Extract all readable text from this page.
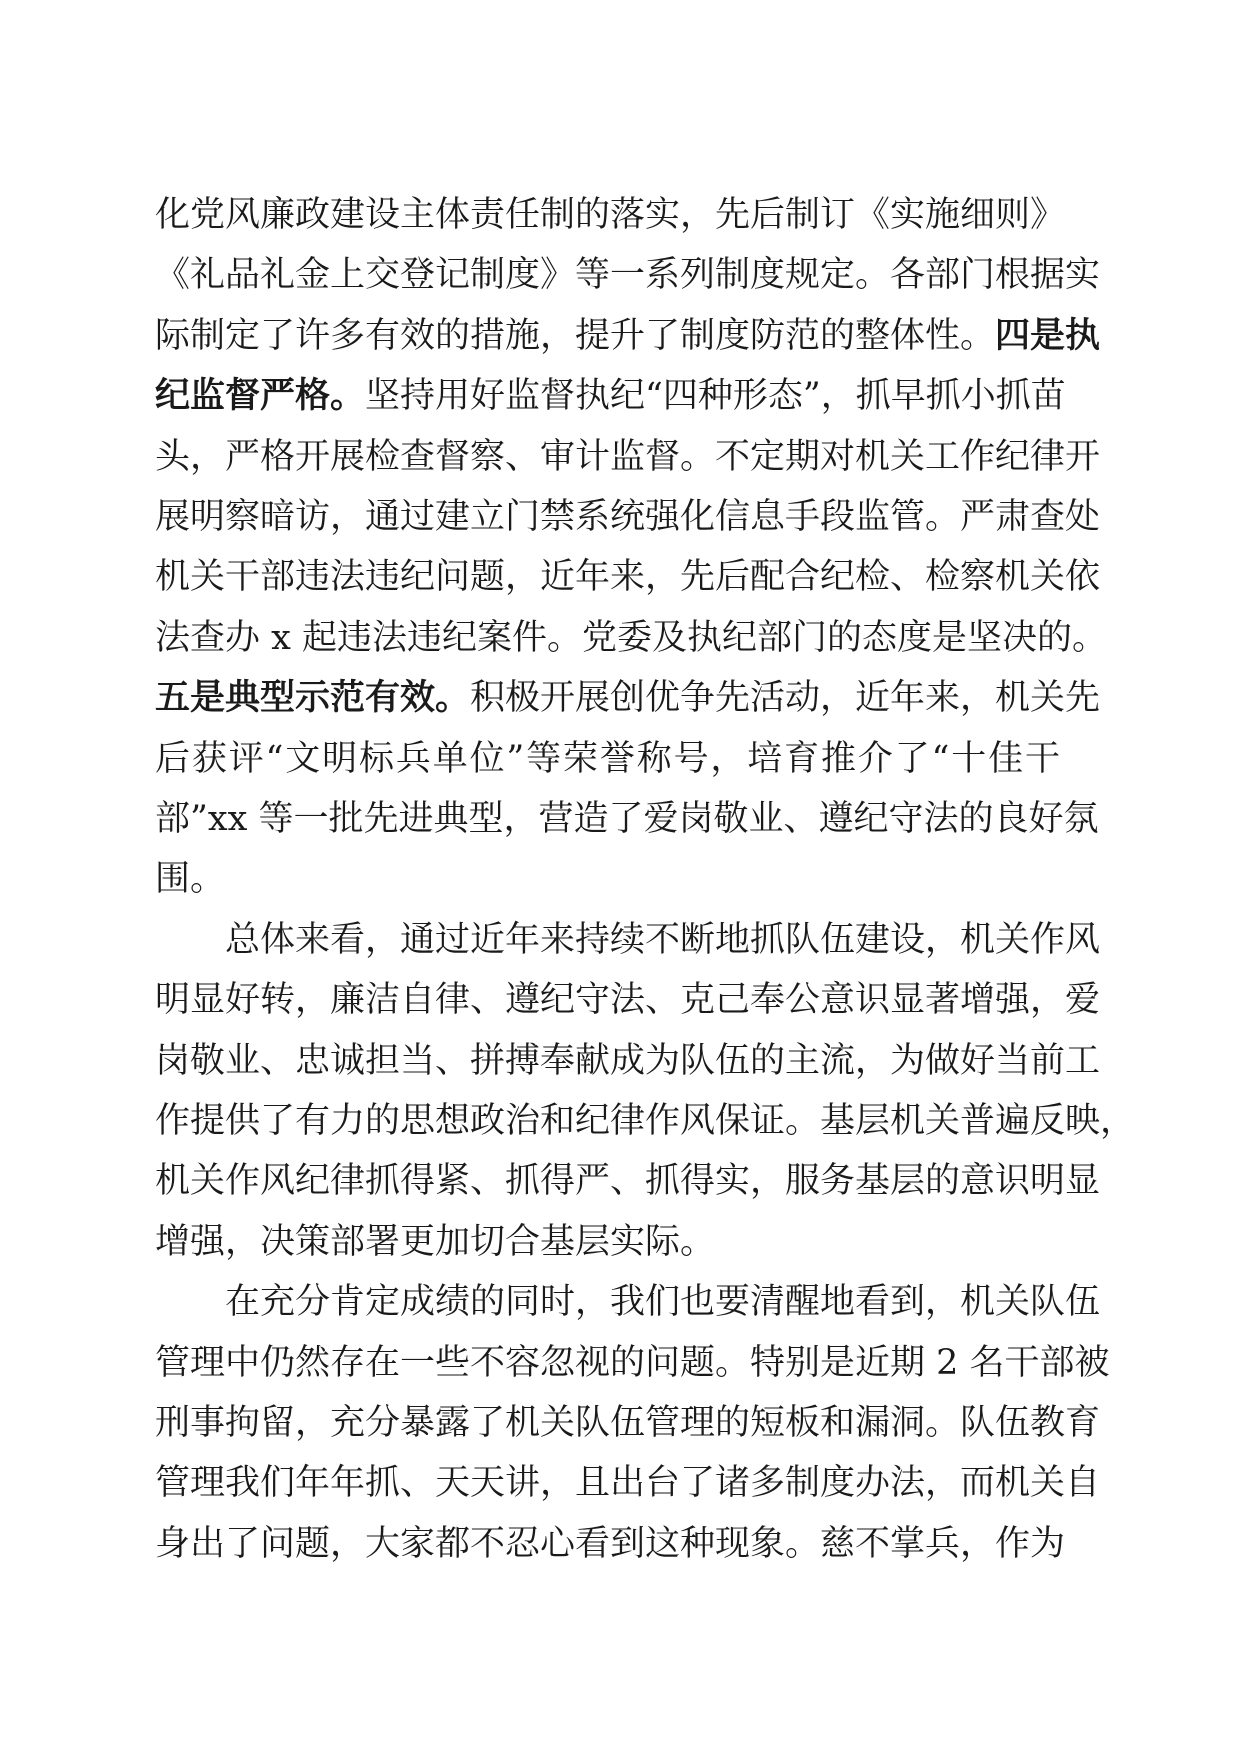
化党风廉政建设主体责任制的落实，先后制订《实施细则》
《礼品礼金上交登记制度》等一系列制度规定。各部门根据实
际制定了许多有效的措施，提升了制度防范的整体性。四是执
纪监督严格。坚持用好监督执纪“四种形态”，抓早抓小抓苗
头，严格开展检查督察、审计监督。不定期对机关工作纪律开
展明察暗访，通过建立门禁系统强化信息手段监管。严肃查处
机关干部违法违纪问题，近年来，先后配合纪检、检察机关依
法查办 x 起违法违纪案件。党委及执纪部门的态度是坚决的。
五是典型示范有效。积极开展创优争先活动，近年来，机关先
后获评“文明标兵单位”等荣誉称号，培育推介了“十佳干
部”xx 等一批先进典型，营造了爱岗敬业、遵纪守法的良好氛
围。
总体来看，通过近年来持续不断地抓队伍建设，机关作风
明显好转，廉洁自律、遵纪守法、克己奉公意识显著增强，爱
岗敬业、忠诚担当、拼搏奉献成为队伍的主流，为做好当前工
作提供了有力的思想政治和纪律作风保证。基层机关普遍反映，
机关作风纪律抓得紧、抓得严、抓得实，服务基层的意识明显
增强，决策部署更加切合基层实际。
在充分肯定成绩的同时，我们也要清醒地看到，机关队伍
管理中仍然存在一些不容忽视的问题。特别是近期 2 名干部被
刑事拘留，充分暴露了机关队伍管理的短板和漏洞。队伍教育
管理我们年年抓、天天讲，且出台了诸多制度办法，而机关自
身出了问题，大家都不忍心看到这种现象。慈不掌兵，作为
